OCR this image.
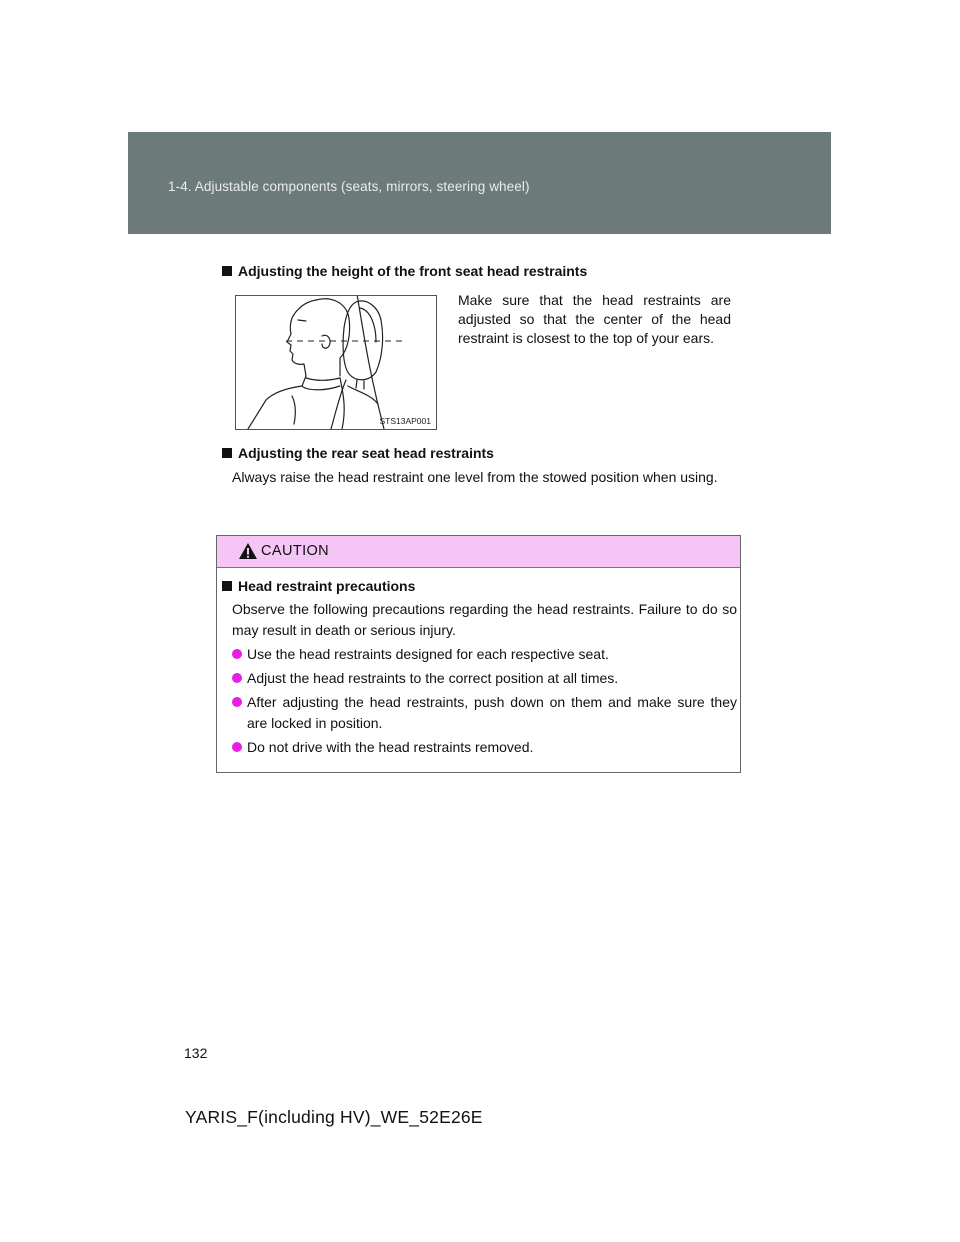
1-4. Adjustable components (seats, mirrors, steering wheel)
Adjusting the height of the front seat head restraints
STS13AP001
Make sure that the head restraints are adjusted so that the center of the head restraint is closest to the top of your ears.
Adjusting the rear seat head restraints
Always raise the head restraint one level from the stowed position when using.
CAUTION
Head restraint precautions
Observe the following precautions regarding the head restraints. Failure to do so may result in death or serious injury.
Use the head restraints designed for each respective seat.
Adjust the head restraints to the correct position at all times.
After adjusting the head restraints, push down on them and make sure they are locked in position.
Do not drive with the head restraints removed.
132
YARIS_F(including HV)_WE_52E26E
